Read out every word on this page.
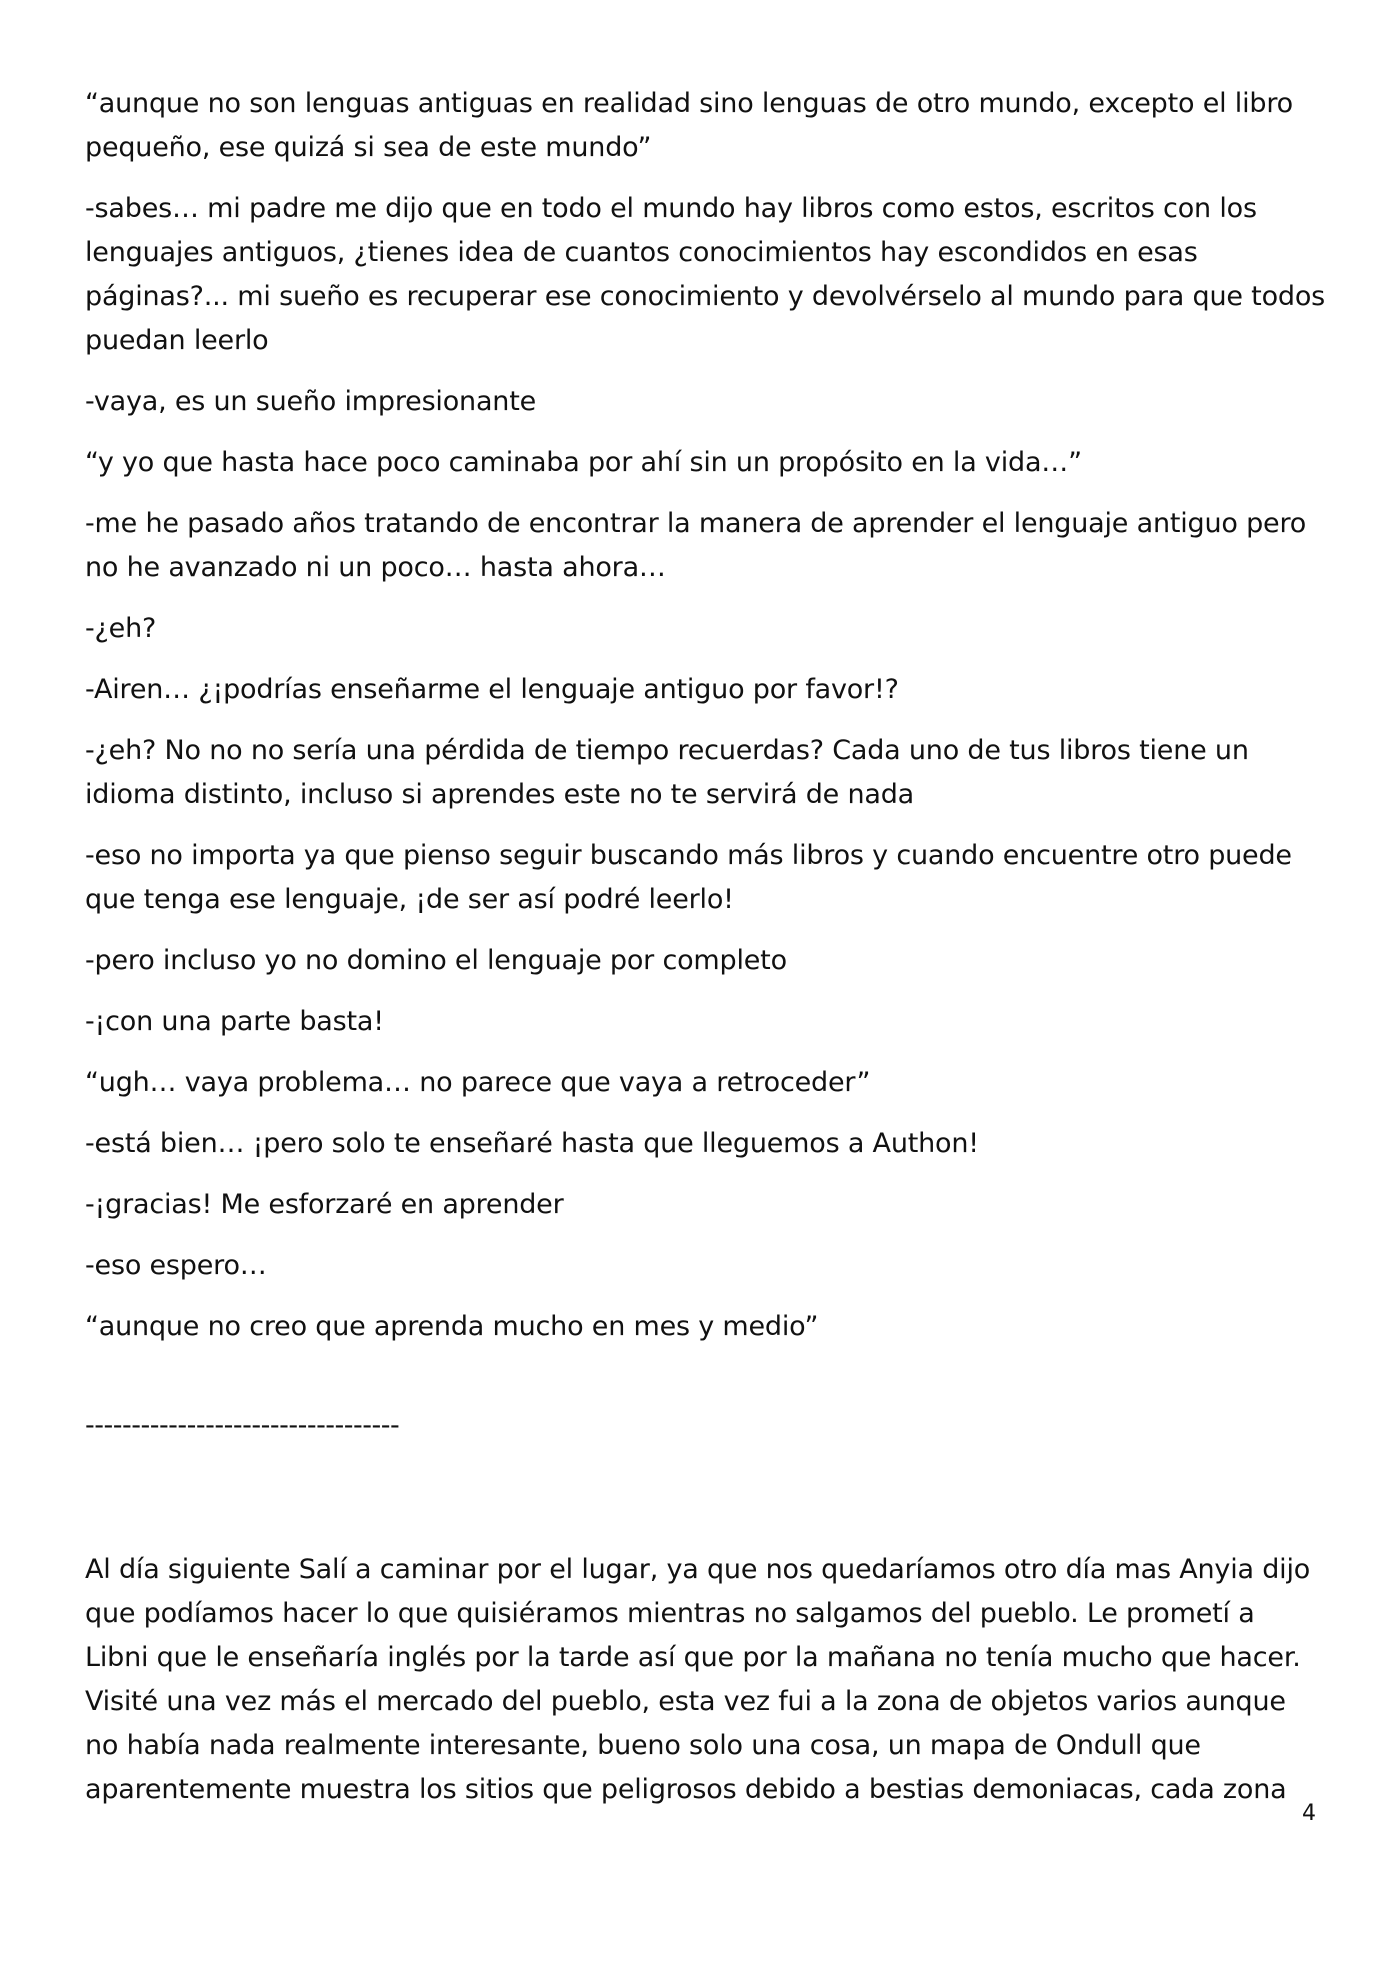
“aunque no son lenguas antiguas en realidad sino lenguas de otro mundo, excepto el libro pequeño, ese quizá si sea de este mundo”

-sabes… mi padre me dijo que en todo el mundo hay libros como estos, escritos con los lenguajes antiguos, ¿tienes idea de cuantos conocimientos hay escondidos en esas páginas?... mi sueño es recuperar ese conocimiento y devolvérselo al mundo para que todos puedan leerlo

-vaya, es un sueño impresionante

“y yo que hasta hace poco caminaba por ahí sin un propósito en la vida…”

-me he pasado años tratando de encontrar la manera de aprender el lenguaje antiguo pero no he avanzado ni un poco… hasta ahora…

-¿eh?

-Airen… ¿¡podrías enseñarme el lenguaje antiguo por favor!?

-¿eh? No no no sería una pérdida de tiempo recuerdas? Cada uno de tus libros tiene un idioma distinto, incluso si aprendes este no te servirá de nada

-eso no importa ya que pienso seguir buscando más libros y cuando encuentre otro puede que tenga ese lenguaje, ¡de ser así podré leerlo!

-pero incluso yo no domino el lenguaje por completo

-¡con una parte basta!

“ugh… vaya problema… no parece que vaya a retroceder”

-está bien… ¡pero solo te enseñaré hasta que lleguemos a Authon!

-¡gracias! Me esforzaré en aprender

-eso espero…

“aunque no creo que aprenda mucho en mes y medio”

----------------------------------

Al día siguiente Salí a caminar por el lugar, ya que nos quedaríamos otro día mas Anyia dijo que podíamos hacer lo que quisiéramos mientras no salgamos del pueblo. Le prometí a Libni que le enseñaría inglés por la tarde así que por la mañana no tenía mucho que hacer. Visité una vez más el mercado del pueblo, esta vez fui a la zona de objetos varios aunque no había nada realmente interesante, bueno solo una cosa, un mapa de Ondull que aparentemente muestra los sitios que peligrosos debido a bestias demoniacas, cada zona

4
